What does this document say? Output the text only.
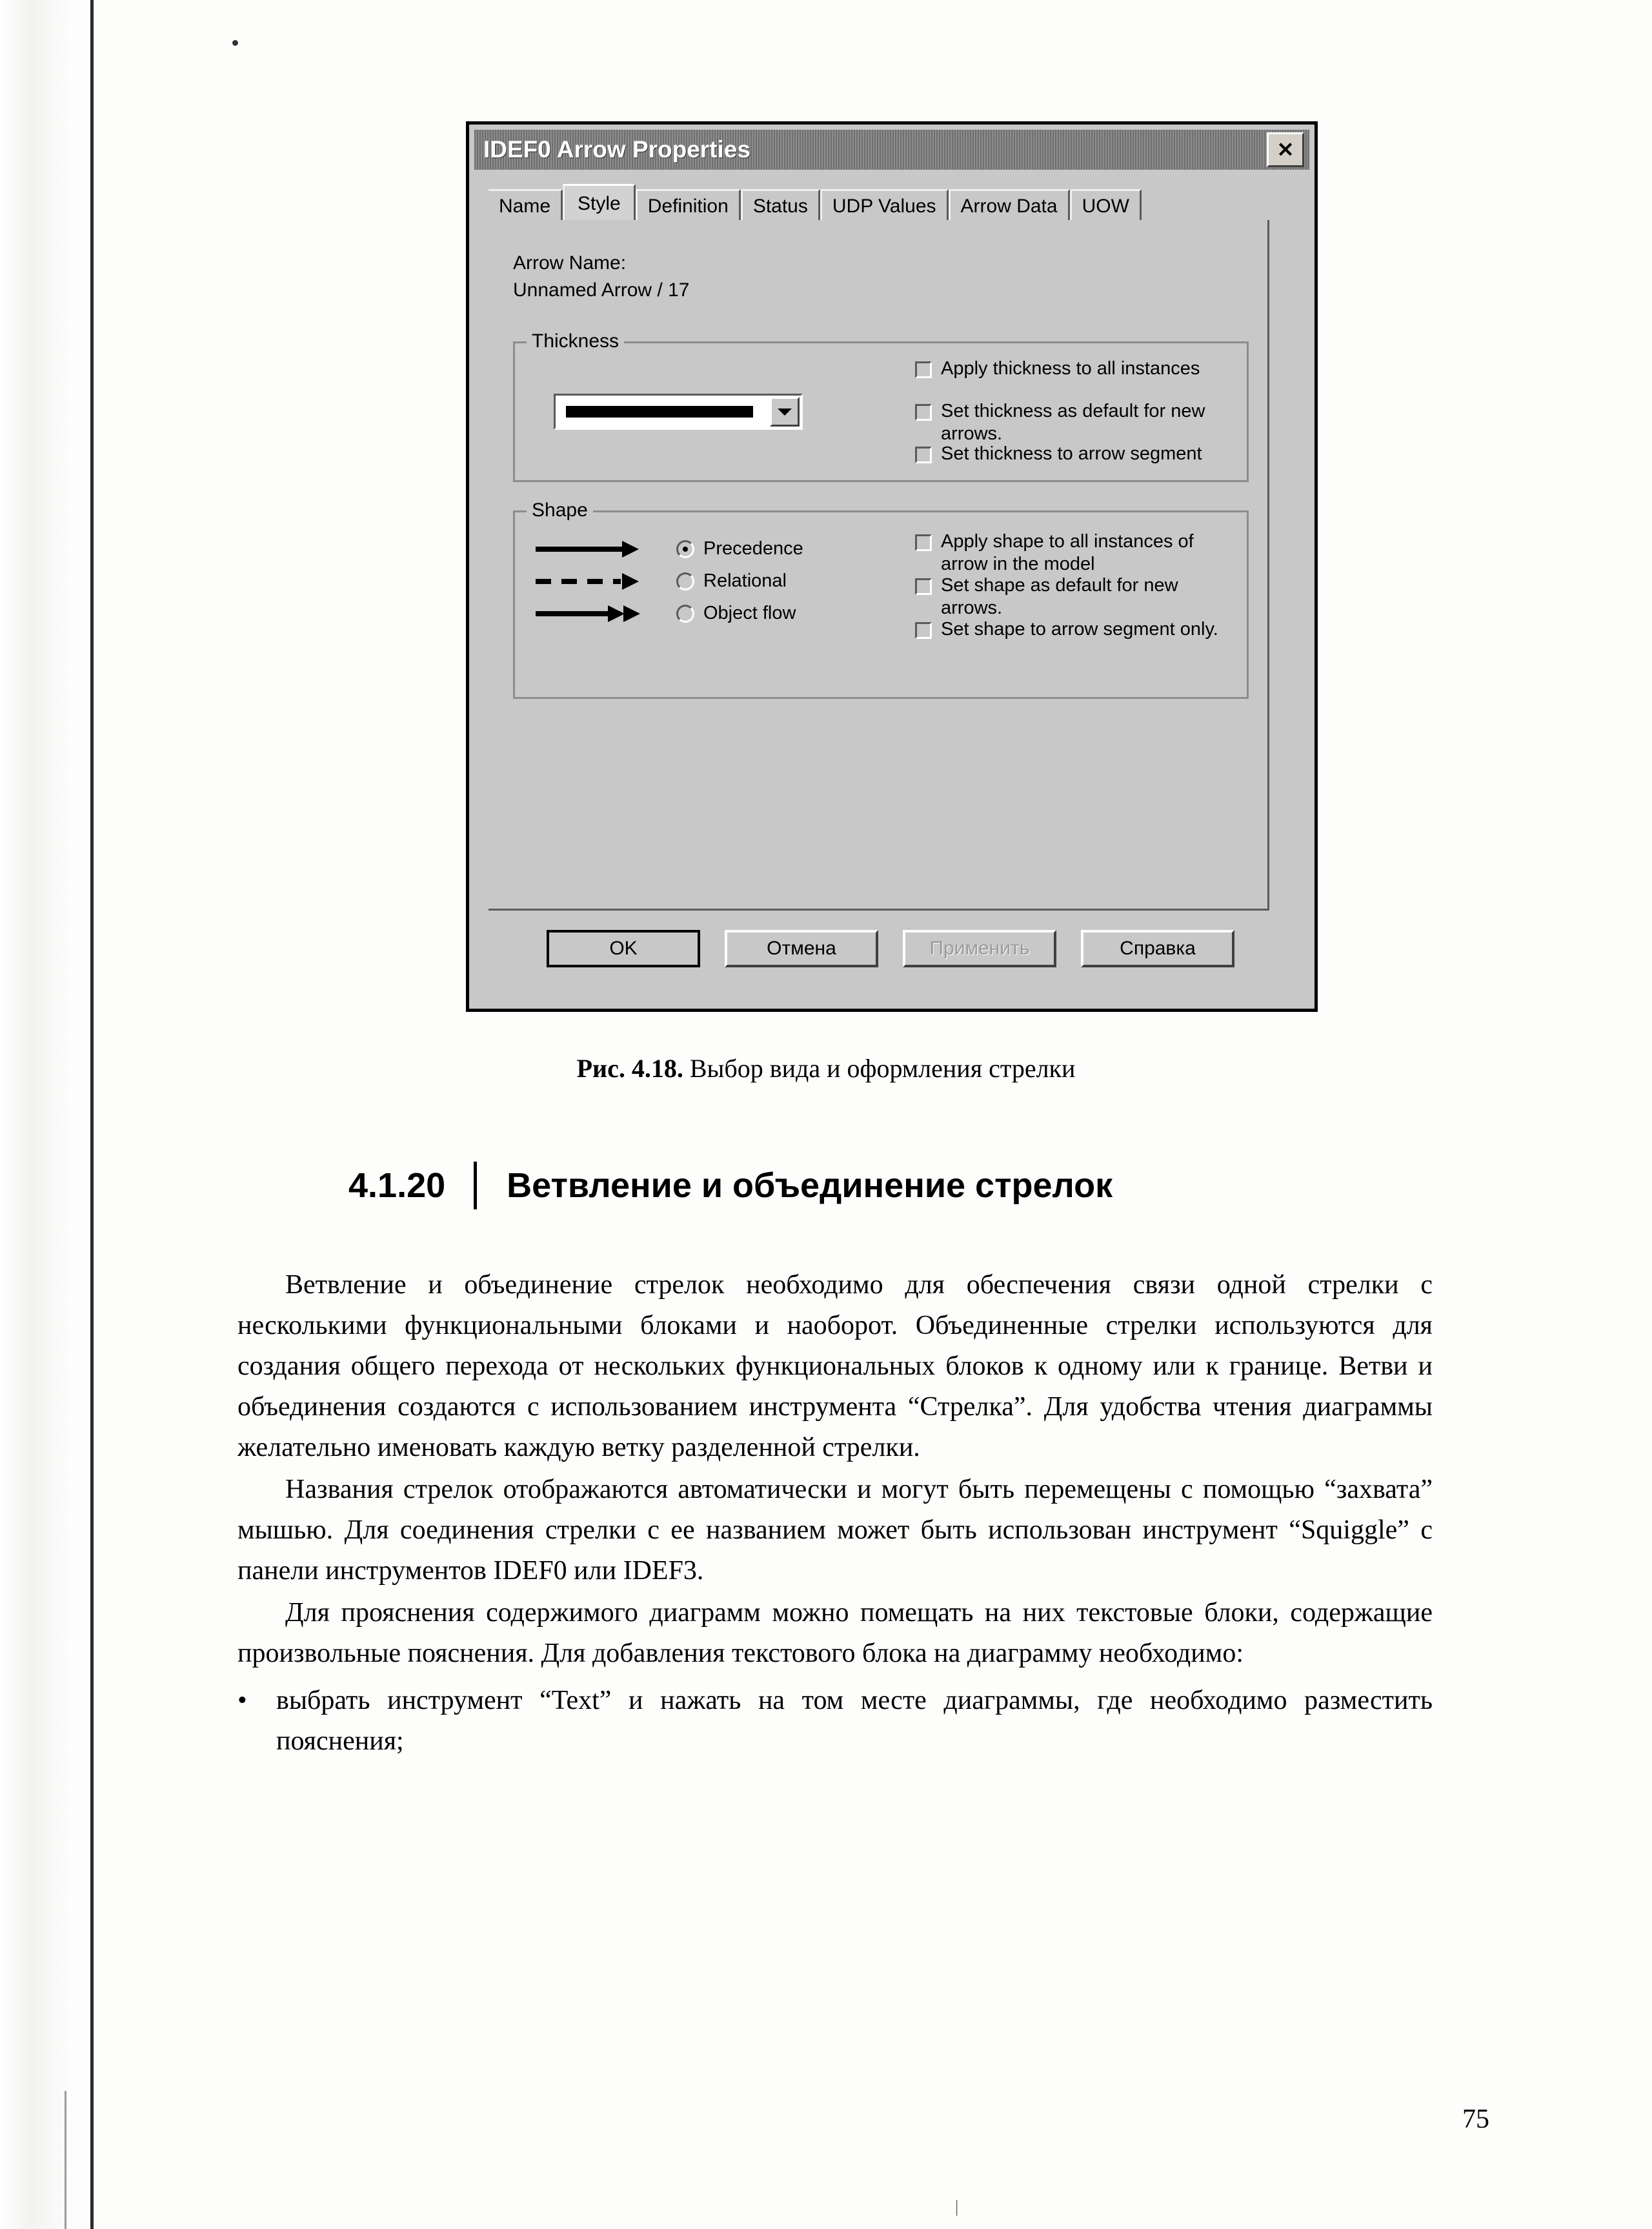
IDEF0 Arrow Properties	✕
Name	Style	Definition	Status	UDP Values	Arrow Data	UOW
Arrow Name:
Unnamed Arrow / 17
Thickness
Apply thickness to all instances
Set thickness as default for new arrows.
Set thickness to arrow segment
Shape
Precedence
Relational
Object flow
Apply shape to all instances of arrow in the model
Set shape as default for new arrows.
Set shape to arrow segment only.
OK	Отмена	Применить	Справка
Рис. 4.18. Выбор вида и оформления стрелки
4.1.20	Ветвление и объединение стрелок

Ветвление и объединение стрелок необходимо для обеспечения связи одной стрелки с несколькими функциональными блоками и наоборот. Объединенные стрелки используются для создания общего перехода от нескольких функциональных блоков к одному или к границе. Ветви и объединения создаются с использованием инструмента “Стрелка”. Для удобства чтения диаграммы желательно именовать каждую ветку разделенной стрелки.

Названия стрелок отображаются автоматически и могут быть перемещены с помощью “захвата” мышью. Для соединения стрелки с ее названием может быть использован инструмент “Squiggle” с панели инструментов IDEF0 или IDEF3.

Для прояснения содержимого диаграмм можно помещать на них текстовые блоки, содержащие произвольные пояснения. Для добавления текстового блока на диаграмму необходимо:

•	выбрать инструмент “Text” и нажать на том месте диаграммы, где необходимо разместить пояснения;
75
|
